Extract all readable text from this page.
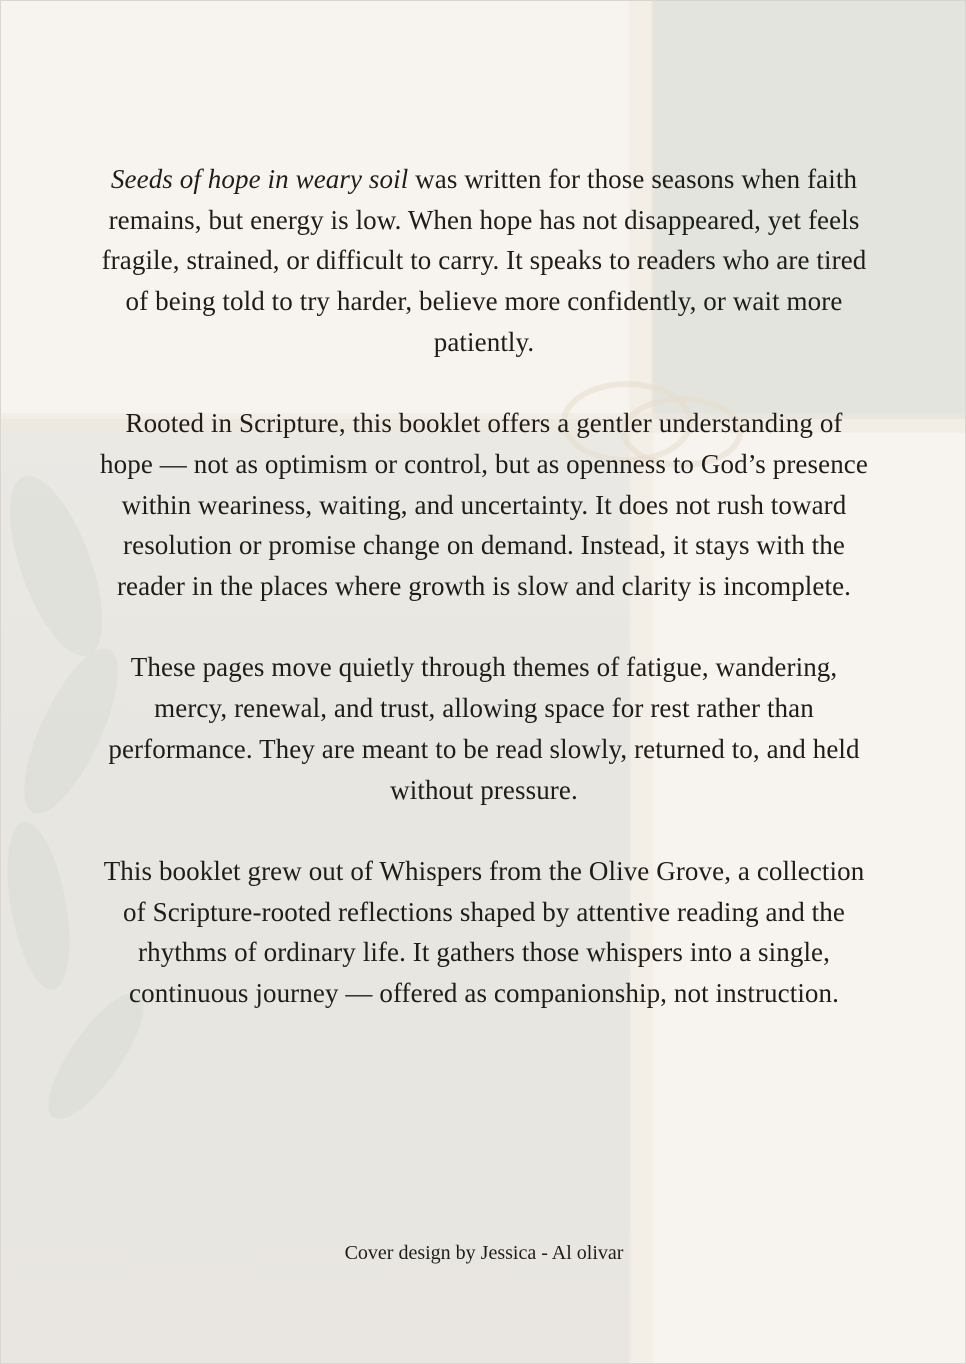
Seeds of hope in weary soil was written for those seasons when faith remains, but energy is low. When hope has not disappeared, yet feels fragile, strained, or difficult to carry. It speaks to readers who are tired of being told to try harder, believe more confidently, or wait more patiently.

Rooted in Scripture, this booklet offers a gentler understanding of hope — not as optimism or control, but as openness to God’s presence within weariness, waiting, and uncertainty. It does not rush toward resolution or promise change on demand. Instead, it stays with the reader in the places where growth is slow and clarity is incomplete.

These pages move quietly through themes of fatigue, wandering, mercy, renewal, and trust, allowing space for rest rather than performance. They are meant to be read slowly, returned to, and held without pressure.

This booklet grew out of Whispers from the Olive Grove, a collection of Scripture-rooted reflections shaped by attentive reading and the rhythms of ordinary life. It gathers those whispers into a single, continuous journey — offered as companionship, not instruction.

Cover design by Jessica - Al olivar
